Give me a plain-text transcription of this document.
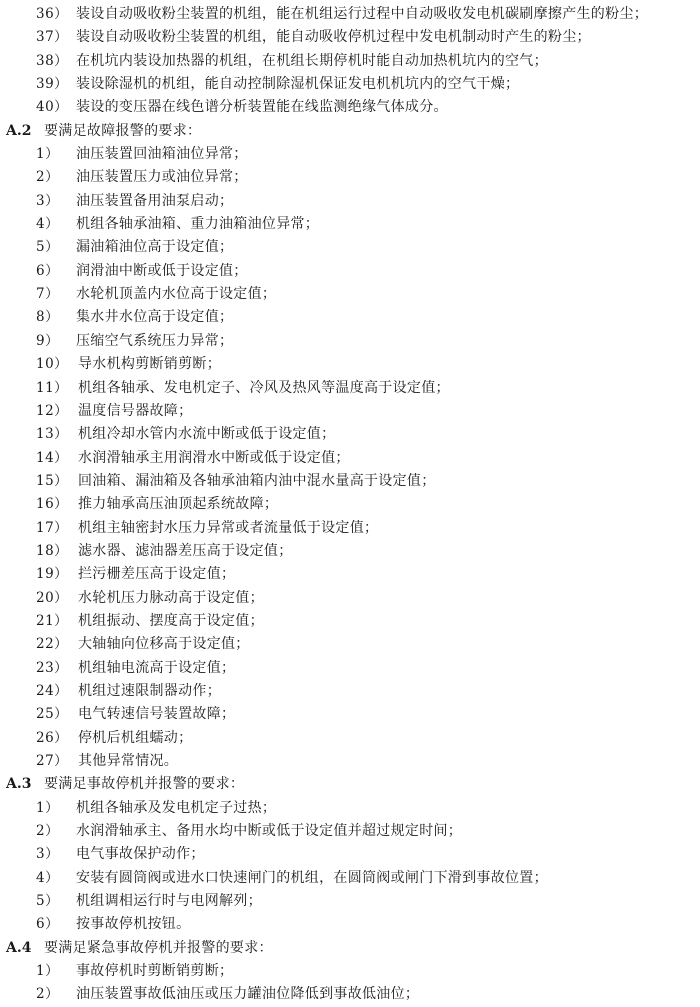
36） 装设自动吸收粉尘装置的机组，能在机组运行过程中自动吸收发电机碳刷摩擦产生的粉尘；
37） 装设自动吸收粉尘装置的机组，能自动吸收停机过程中发电机制动时产生的粉尘；
38） 在机坑内装设加热器的机组，在机组长期停机时能自动加热机坑内的空气；
39） 装设除湿机的机组，能自动控制除湿机保证发电机机坑内的空气干燥；
40） 装设的变压器在线色谱分析装置能在线监测绝缘气体成分。
A.2 要满足故障报警的要求：
1）	油压装置回油箱油位异常；
2）	油压装置压力或油位异常；
3）	油压装置备用油泵启动；
4）	机组各轴承油箱、重力油箱油位异常；
5）	漏油箱油位高于设定值；
6）	润滑油中断或低于设定值；
7）	水轮机顶盖内水位高于设定值；
8）	集水井水位高于设定值；
9）	压缩空气系统压力异常；
10） 导水机构剪断销剪断；
11） 机组各轴承、发电机定子、冷风及热风等温度高于设定值；
12） 温度信号器故障；
13） 机组冷却水管内水流中断或低于设定值；
14） 水润滑轴承主用润滑水中断或低于设定值；
15） 回油箱、漏油箱及各轴承油箱内油中混水量高于设定值；
16） 推力轴承高压油顶起系统故障；
17） 机组主轴密封水压力异常或者流量低于设定值；
18） 滤水器、滤油器差压高于设定值；
19） 拦污栅差压高于设定值；
20） 水轮机压力脉动高于设定值；
21） 机组振动、摆度高于设定值；
22） 大轴轴向位移高于设定值；
23） 机组轴电流高于设定值；
24） 机组过速限制器动作；
25） 电气转速信号装置故障；
26） 停机后机组蠕动；
27） 其他异常情况。
A.3 要满足事故停机并报警的要求：
1）	机组各轴承及发电机定子过热；
2）	水润滑轴承主、备用水均中断或低于设定值并超过规定时间；
3）	电气事故保护动作；
4）	安装有圆筒阀或进水口快速闸门的机组，在圆筒阀或闸门下滑到事故位置；
5）	机组调相运行时与电网解列；
6）	按事故停机按钮。
A.4 要满足紧急事故停机并报警的要求：
1）	事故停机时剪断销剪断；
2）	油压装置事故低油压或压力罐油位降低到事故低油位；
